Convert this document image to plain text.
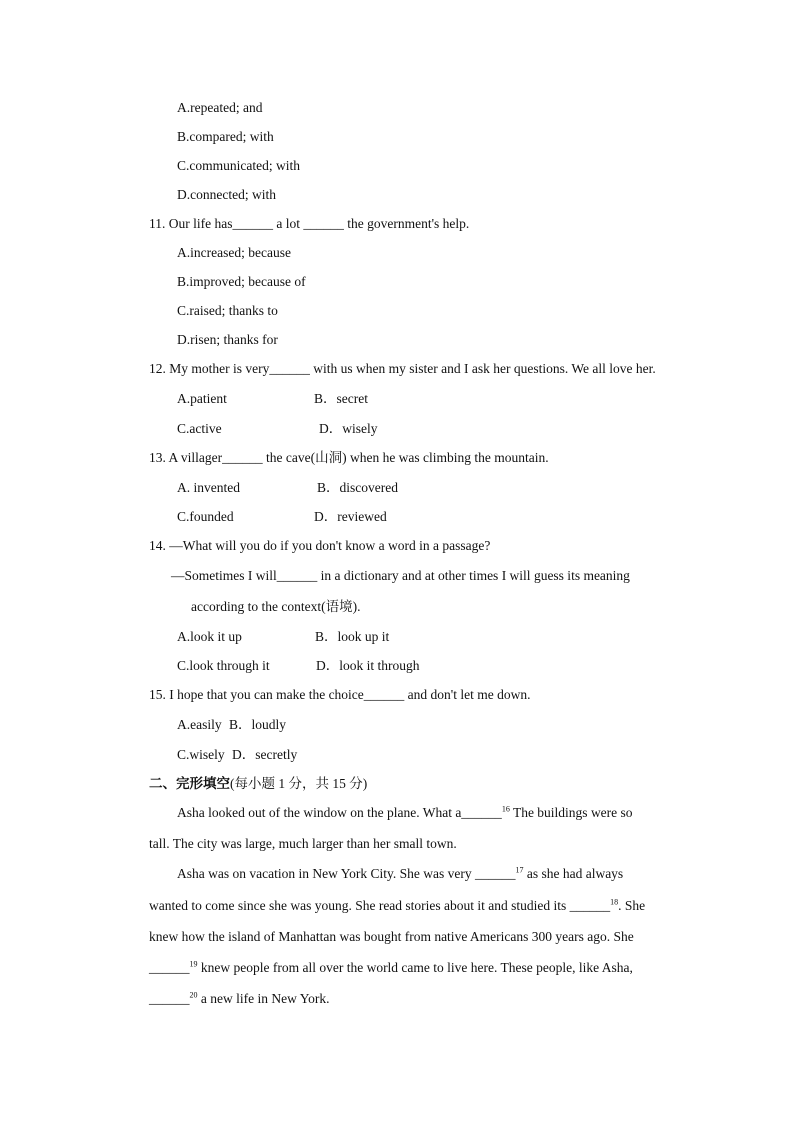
A.repeated; and
B.compared; with
C.communicated; with
D.connected; with
11. Our life has______ a lot ______ the government's help.
A.increased; because
B.improved; because of
C.raised; thanks to
D.risen; thanks for
12. My mother is very______ with us when my sister and I ask her questions. We all love her.
A.patient	B．secret
C.active	D．wisely
13. A villager______ the cave(山洞) when he was climbing the mountain.
A. invented	B．discovered
C.founded	D．reviewed
14. —What will you do if you don't know a word in a passage?
—Sometimes I will______ in a dictionary and at other times I will guess its meaning
according to the context(语境).
A.look it up	B．look up it
C.look through it	D．look it through
15. I hope that you can make the choice______ and don't let me down.
A.easily B．loudly
C.wisely D．secretly
二、完形填空(每小题 1 分，共 15 分)
Asha looked out of the window on the plane. What a______$^{16}$ The buildings were so
tall. The city was large, much larger than her small town.
Asha was on vacation in New York City. She was very ______$^{17}$ as she had always
wanted to come since she was young. She read stories about it and studied its ______$^{18}$. She
knew how the island of Manhattan was bought from native Americans 300 years ago. She
______$^{19}$ knew people from all over the world came to live here. These people, like Asha,
______$^{20}$ a new life in New York.
